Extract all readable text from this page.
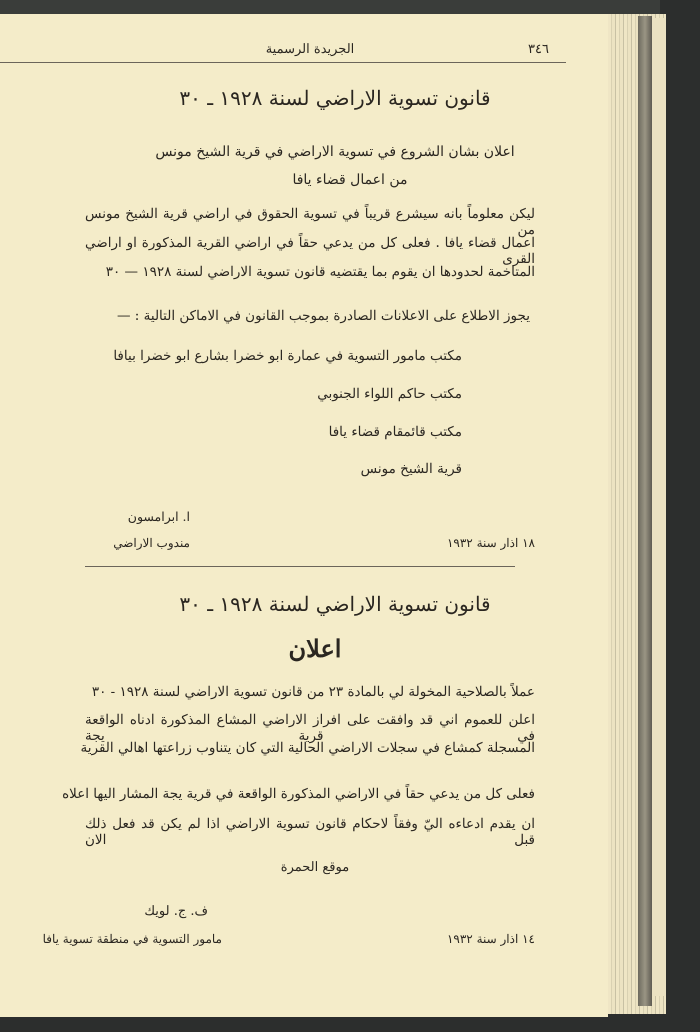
٣٤٦
الجريدة الرسمية
قانون تسوية الاراضي لسنة ١٩٢٨ ـ ٣٠
اعلان بشان الشروع في تسوية الاراضي في قرية الشيخ مونس
من اعمال قضاء يافا
ليكن معلوماً بانه سيشرع قريباً في تسوية الحقوق في اراضي قرية الشيخ مونس من
اعمال قضاء يافا . فعلى كل من يدعي حقاً في اراضي القرية المذكورة او اراضي القرى
المتاخمة لحدودها ان يقوم بما يقتضيه قانون تسوية الاراضي لسنة ١٩٢٨ — ٣٠
يجوز الاطلاع على الاعلانات الصادرة بموجب القانون في الاماكن التالية : —
مكتب مامور التسوية في عمارة ابو خضرا بشارع ابو خضرا بيافا
مكتب حاكم اللواء الجنوبي
مكتب قائمقام قضاء يافا
قرية الشيخ مونس
ا. ابرامسون
مندوب الاراضي	١٨ اذار سنة ١٩٣٢
قانون تسوية الاراضي لسنة ١٩٢٨ ـ ٣٠
اعلان
عملاً بالصلاحية المخولة لي بالمادة ٢٣ من قانون تسوية الاراضي لسنة ١٩٢٨ - ٣٠
اعلن للعموم اني قد وافقت على افراز الاراضي المشاع المذكورة ادناه الواقعة في قرية يجة
المسجلة كمشاع في سجلات الاراضي الحالية التي كان يتناوب زراعتها اهالي القرية
فعلى كل من يدعي حقاً في الاراضي المذكورة الواقعة في قرية يجة المشار اليها اعلاه
ان يقدم ادعاءه اليّ وفقاً لاحكام قانون تسوية الاراضي اذا لم يكن قد فعل ذلك قبل الان
موقع الحمرة
ف. ج. لويك
مامور التسوية في منطقة تسوية يافا	١٤ اذار سنة ١٩٣٢
